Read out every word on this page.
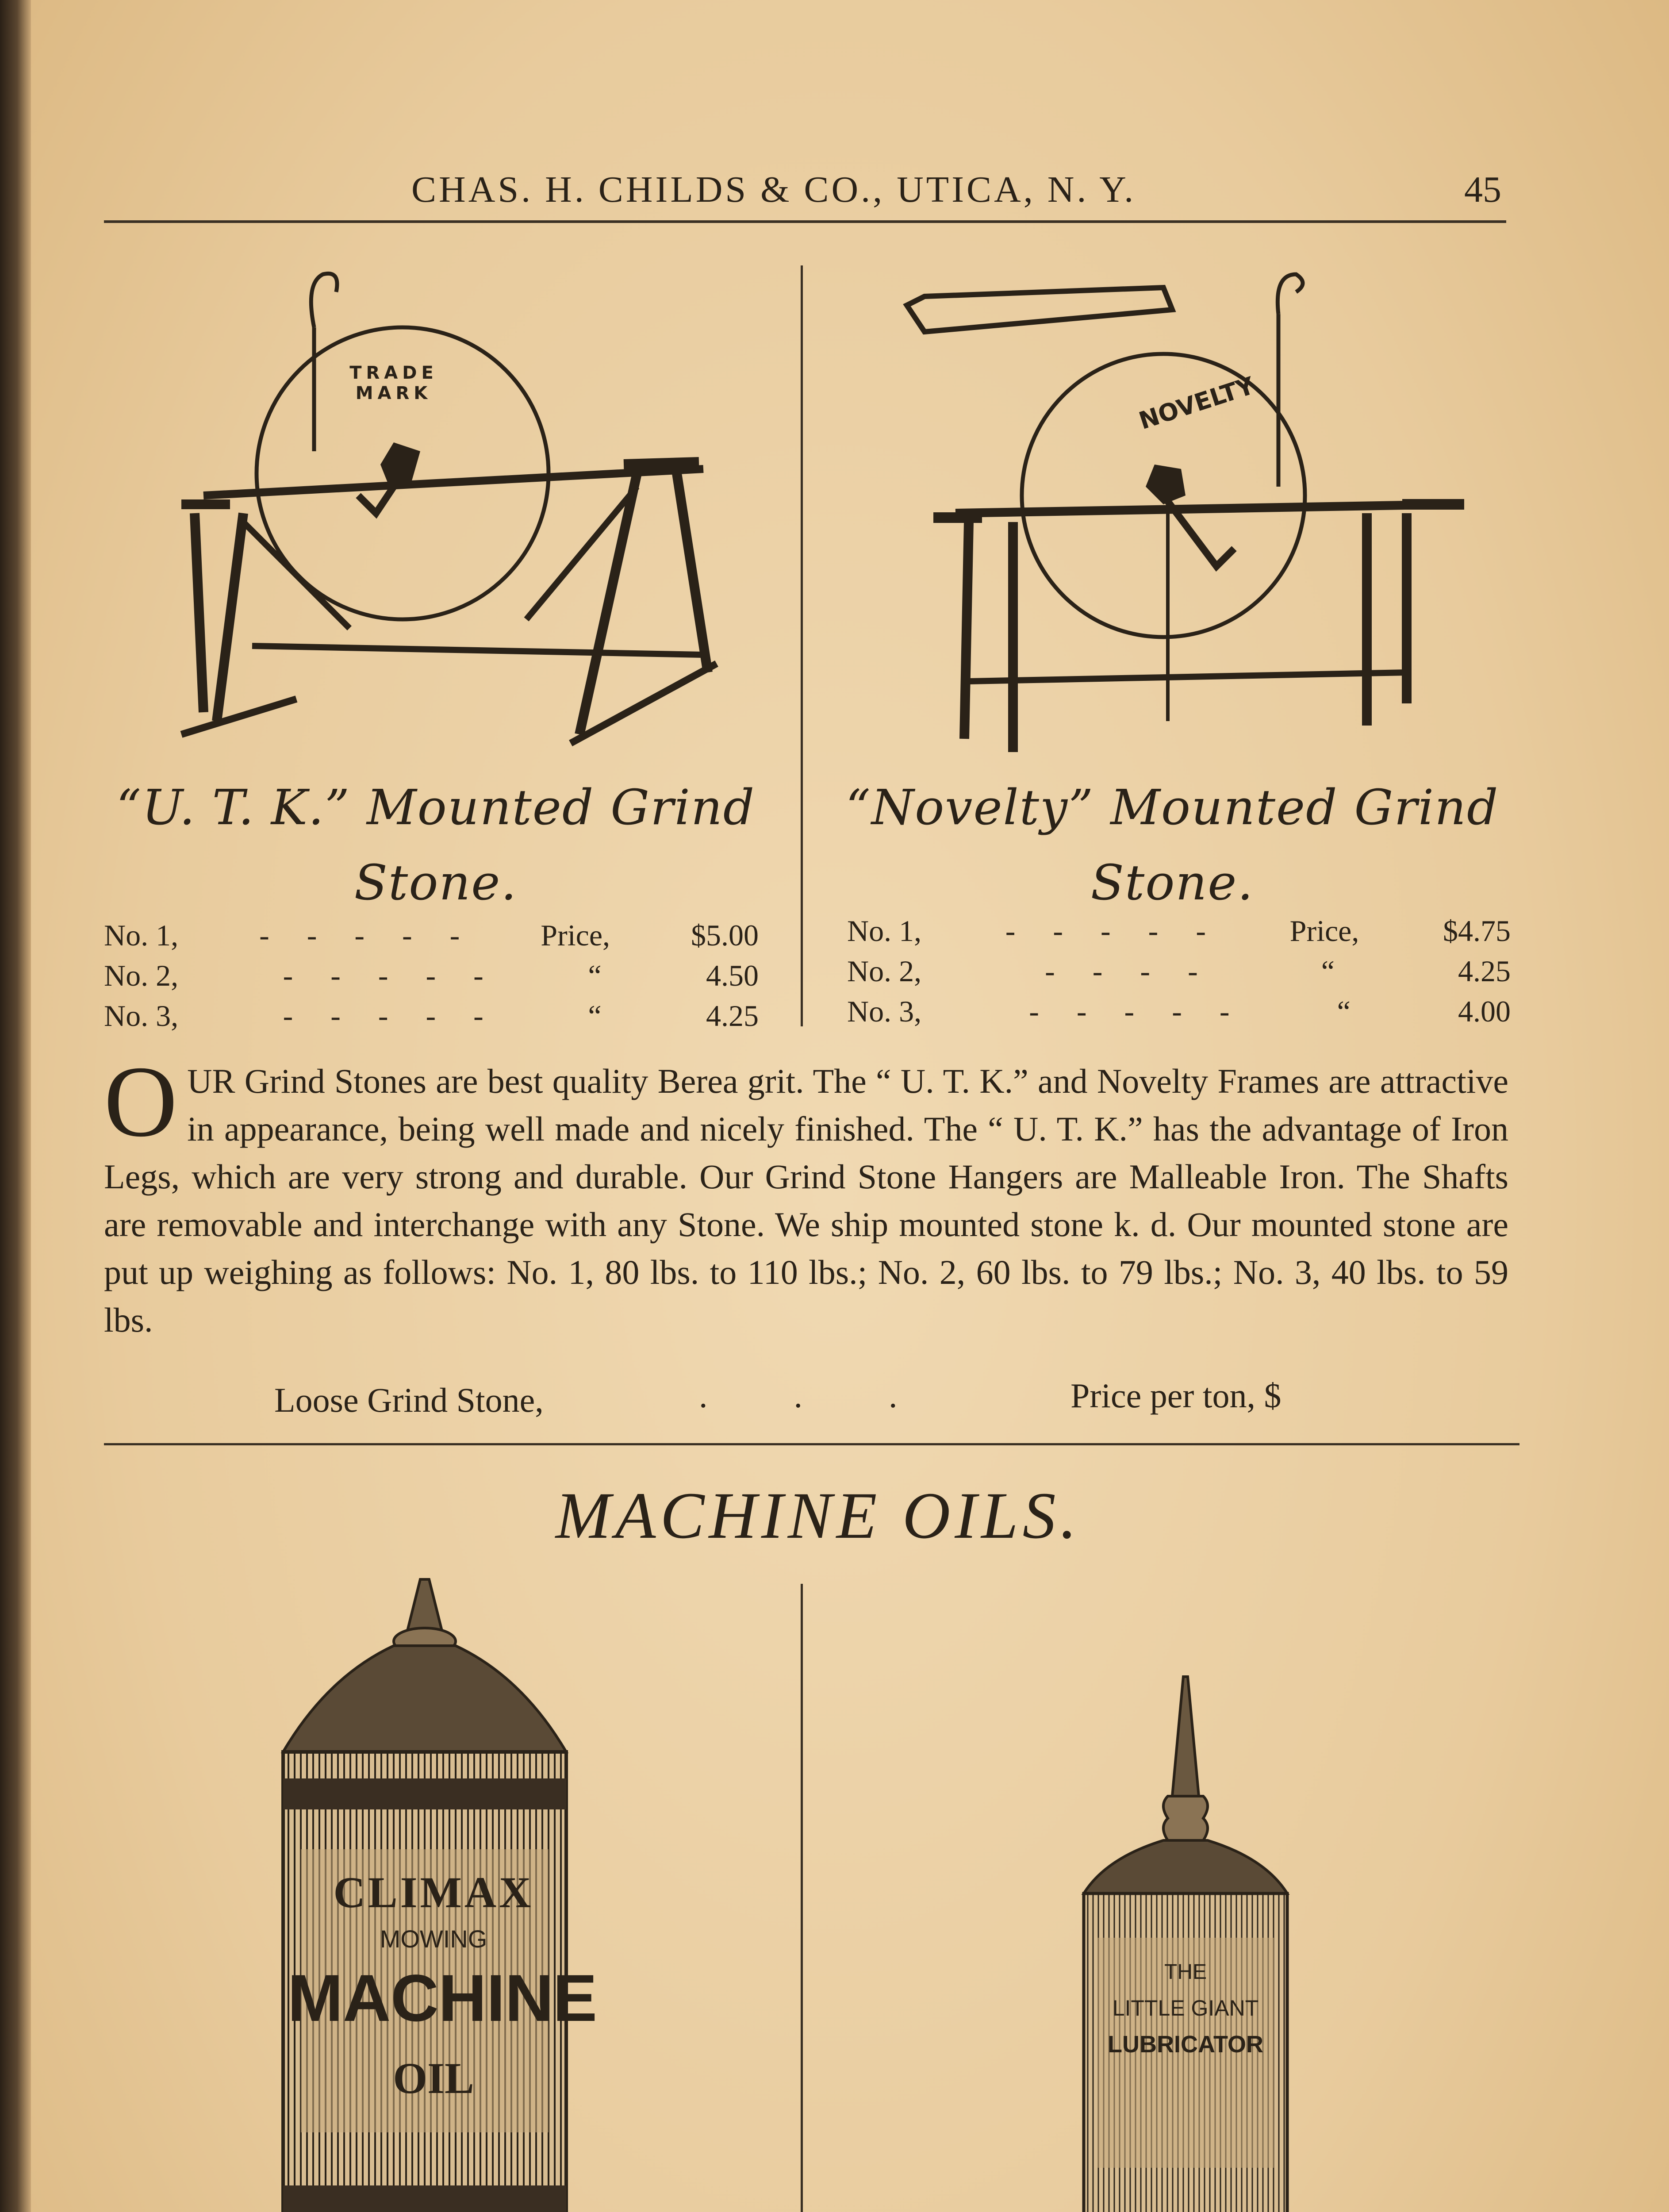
CHAS. H. CHILDS & CO., UTICA, N. Y.	45
TRADE MARK	NOVELTY
“U. T. K.” Mounted Grind Stone.
No. 1,	-     -     -     -     -	Price,	$5.00
No. 2,	-     -     -     -     -	“	4.50
No. 3,	-     -     -     -     -	“	4.25
“Novelty” Mounted Grind Stone.
No. 1,	-     -     -     -     -	Price,	$4.75
No. 2,	-     -     -     -	“	4.25
No. 3,	-     -     -     -     -	“	4.00
OUR Grind Stones are best quality Berea grit. The “ U. T. K.” and Novelty Frames are attractive in appearance, being well made and nicely finished. The “ U. T. K.” has the advantage of Iron Legs, which are very strong and durable. Our Grind Stone Hangers are Malleable Iron. The Shafts are removable and interchange with any Stone. We ship mounted stone k. d. Our mounted stone are put up weighing as follows: No. 1, 80 lbs. to 110 lbs.; No. 2, 60 lbs. to 79 lbs.; No. 3, 40 lbs. to 59 lbs.
Loose Grind Stone,	.          .          .	Price per ton, $
MACHINE OILS.
CLIMAX
MOWING
MACHINE
OIL
THE
LITTLE GIANT
LUBRICATOR
